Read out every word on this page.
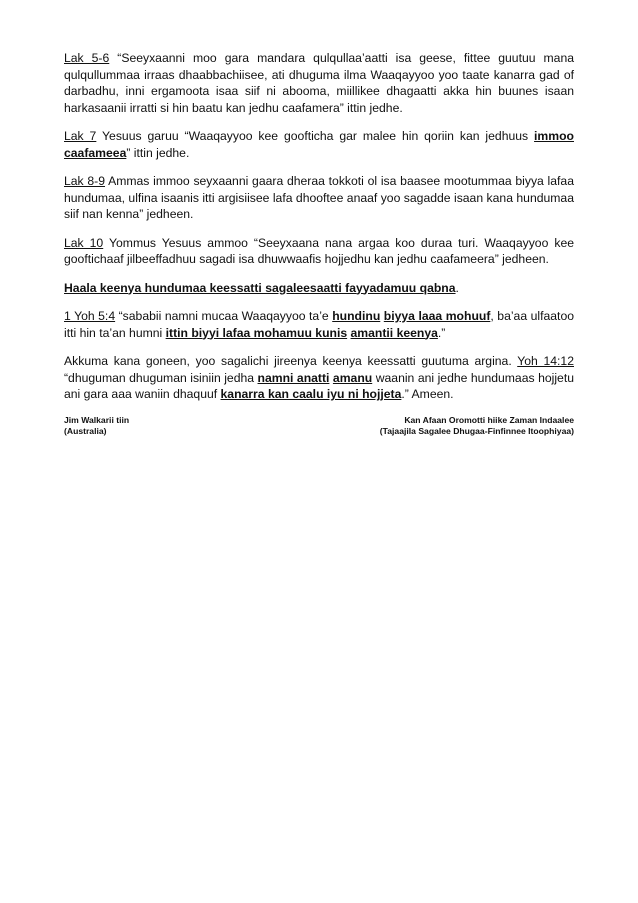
Lak 5-6 “Seeyxaanni moo gara mandara qulqullaa’aatti isa geese, fittee guutuu mana qulqullummaa irraas dhaabbachiisee, ati dhuguma ilma Waaqayyoo yoo taate kanarra gad of darbadhu, inni ergamoota isaa siif ni abooma, miillikee dhagaatti akka hin buunes isaan harkasaanii irratti si hin baatu kan jedhu caafamera” ittin jedhe.

Lak 7 Yesuus garuu “Waaqayyoo kee goofticha gar malee hin qoriin kan jedhuus immoo caafameea” ittin jedhe.

Lak 8-9 Ammas immoo seyxaanni gaara dheraa tokkoti ol isa baasee mootummaa biyya lafaa hundumaa, ulfina isaanis itti argisiisee lafa dhooftee anaaf yoo sagadde isaan kana hundumaa siif nan kenna” jedheen.

Lak 10 Yommus Yesuus ammoo “Seeyxaana nana argaa koo duraa turi. Waaqayyoo kee gooftichaaf jilbeeffadhuu sagadi isa dhuwwaafis hojjedhu kan jedhu caafameera” jedheen.

Haala keenya hundumaa keessatti sagaleesaatti fayyadamuu qabna.

1 Yoh 5:4 “sababii namni mucaa Waaqayyoo ta’e hundinu biyya laaa mohuuf, ba’aa ulfaatoo itti hin ta’an humni ittin biyyi lafaa mohamuu kunis amantii keenya.”

Akkuma kana goneen, yoo sagalichi jireenya keenya keessatti guutuma argina. Yoh 14:12 “dhuguman dhuguman isiniin jedha namni anatti amanu waanin ani jedhe hundumaas hojjetu ani gara aaa waniin dhaquuf kanarra kan caalu iyu ni hojjeta.” Ameen.

Jim Walkarii tiin
(Australia)
Kan Afaan Oromotti hiike Zaman Indaalee
(Tajaajila Sagalee Dhugaa-Finfinnee Itoophiyaa)
